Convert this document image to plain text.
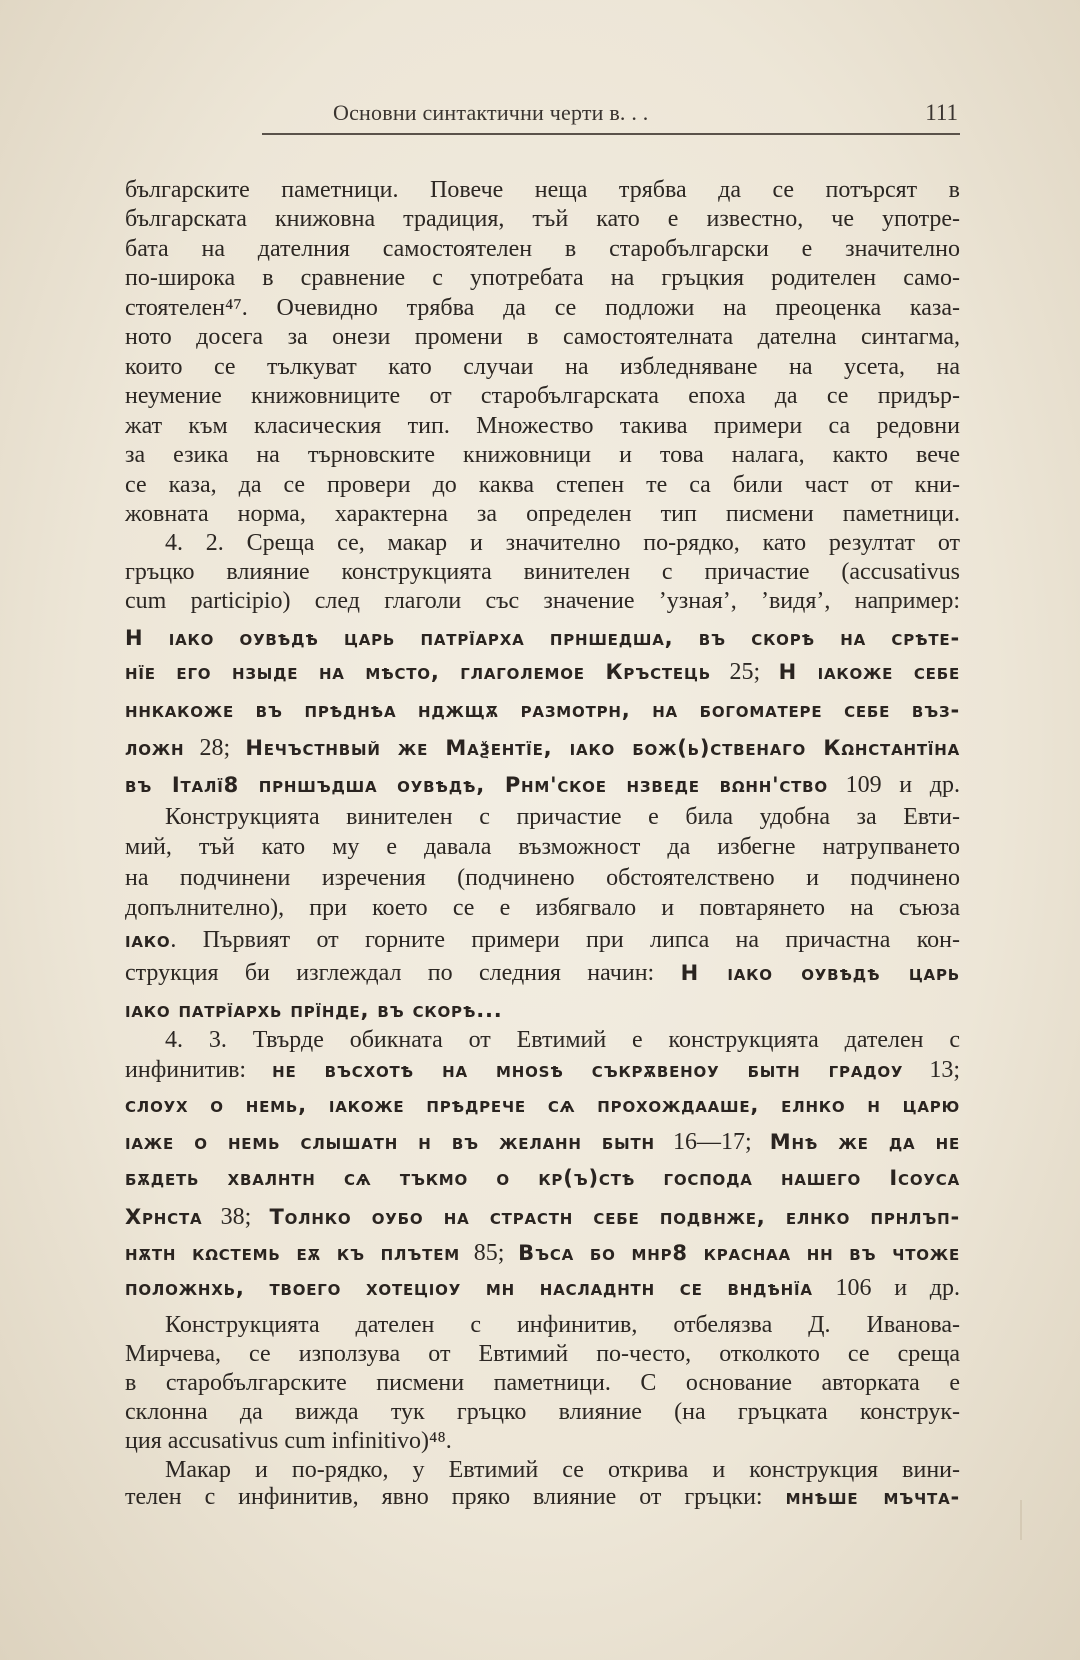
Основни синтактични черти в. . .	111
българските паметници. Повече неща трябва да се потърсят в
българската книжовна традиция, тъй като е известно, че употре-
бата на дателния самостоятелен в старобългарски е значително
по-широка в сравнение с употребата на гръцкия родителен само-
стоятелен⁴⁷. Очевидно трябва да се подложи на преоценка каза-
ното досега за онези промени в самостоятелната дателна синтагма,
които се тълкуват като случаи на избледняване на усета, на
неумение книжовниците от старобългарската епоха да се придър-
жат към класическия тип. Множество такива примери са редовни
за езика на търновските книжовници и това налага, както вече
се каза, да се провери до каква степен те са били част от кни-
жовната норма, характерна за определен тип писмени паметници.
4. 2. Среща се, макар и значително по-рядко, като резултат от
гръцко влияние конструкцията винителен с причастие (accusativus
cum participio) след глаголи със значение ’узная’, ’видя’, например:
Н ıако оувѣдѣ царь патрїарха прншедша, въ скорѣ на срѣте-
нїе его нзыде на мѣсто, глаголемое Кръстець 25; Н ıакоже себе
ннкакоже въ прѣднѣа нджщѫ размотрн, на богоматере себе въз-
ложн 28; Нечъстнвый же Маѯентїе, ıако бож(ь)ственаго Кωнстантїна
въ Італї8 прншъдша оувѣдѣ, Рнм'ское нзведе вωнн'ство 109 и др.
Конструкцията винителен с причастие е била удобна за Евти-
мий, тъй като му е давала възможност да избегне натрупването
на подчинени изречения (подчинено обстоятелствено и подчинено
допълнително), при което се е избягвало и повтарянето на съюза
ıако. Първият от горните примери при липса на причастна кон-
струкция би изглеждал по следния начин: Н ıако оувѣдѣ царь
ıако патрїархь прїнде, въ скорѣ...
4. 3. Твърде обикната от Евтимий е конструкцията дателен с
инфинитив: не въсхотѣ на мноѕѣ съкрѫвеноу бытн градоу 13;
слоух о немь, ıакоже прѣдрече сѧ прохождааше, елнко н царю
ıаже о немь слышатн н въ желанн бытн 16—17; Мнѣ же да не
бѫдеть хвалнтн сѧ тъкмо о кр(ъ)стѣ господа нашего Ісоуса
Хрнста 38; Толнко оубо на страстн себе подвнже, елнко прнлъп-
нѫтн кωстемь еѫ къ плътем 85; Въса бо мнр8 краснаа нн въ чтоже
положнхь, твоего хотецıоу мн насладнтн се вндѣнїа 106 и др.
Конструкцията дателен с инфинитив, отбелязва Д. Иванова-
Мирчева, се използува от Евтимий по-често, отколкото се среща
в старобългарските писмени паметници. С основание авторката е
склонна да вижда тук гръцко влияние (на гръцката конструк-
ция accusativus cum infinitivo)⁴⁸.
Макар и по-рядко, у Евтимий се открива и конструкция вини-
телен с инфинитив, явно пряко влияние от гръцки: мнѣше мъчта-
